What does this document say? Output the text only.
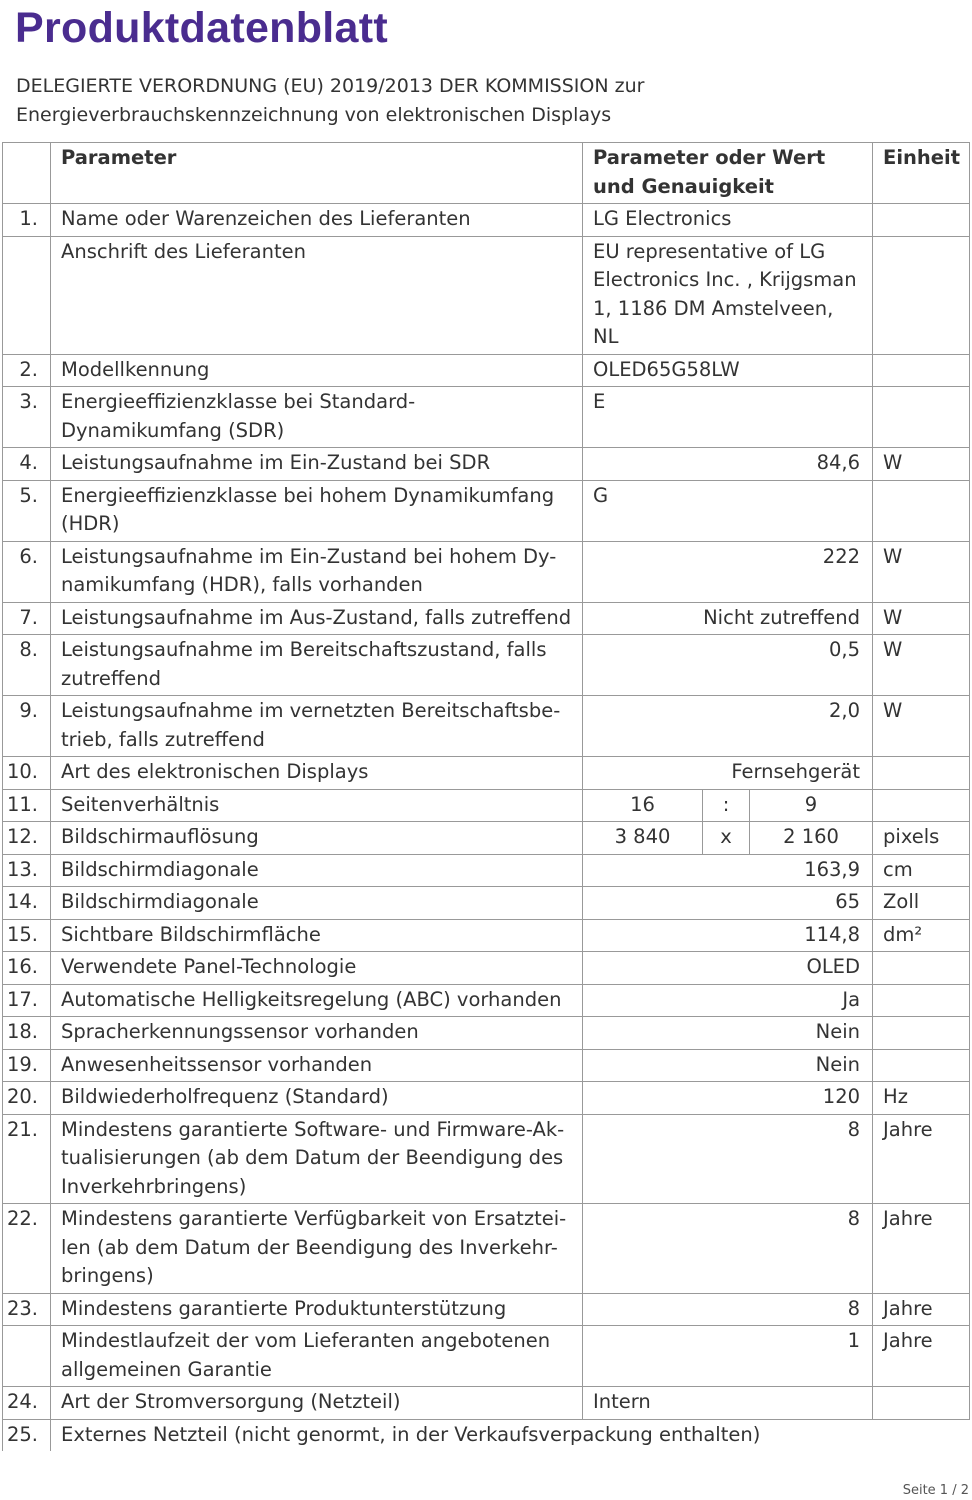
Produktdatenblatt
DELEGIERTE VERORDNUNG (EU) 2019/2013 DER KOMMISSION zur
Energieverbrauchskennzeichnung von elektronischen Displays
	Parameter	Parameter oder Wert und Genauigkeit			Einheit
1.	Name oder Warenzeichen des Lieferanten	LG Electronics			
	Anschrift des Lieferanten	EU representative of LG Electronics Inc. , Krijgsman 1, 1186 DM Amstelveen, NL			
2.	Modellkennung	OLED65G58LW			
3.	Energieeffizienzklasse bei Standard-Dynamikumfang (SDR)	E			
4.	Leistungsaufnahme im Ein-Zustand bei SDR	84,6			W
5.	Energieeffizienzklasse bei hohem Dynamikumfang (HDR)	G			
6.	Leistungsaufnahme im Ein-Zustand bei hohem Dy-namikumfang (HDR), falls vorhanden	222			W
7.	Leistungsaufnahme im Aus-Zustand, falls zutreffend	Nicht zutreffend			W
8.	Leistungsaufnahme im Bereitschaftszustand, falls zutreffend	0,5			W
9.	Leistungsaufnahme im vernetzten Bereitschaftsbe-trieb, falls zutreffend	2,0			W
10.	Art des elektronischen Displays	Fernsehgerät			
11.	Seitenverhältnis	16	:	9	
12.	Bildschirmauflösung	3 840	x	2 160	pixels
13.	Bildschirmdiagonale	163,9			cm
14.	Bildschirmdiagonale	65			Zoll
15.	Sichtbare Bildschirmfläche	114,8			dm²
16.	Verwendete Panel-Technologie	OLED			
17.	Automatische Helligkeitsregelung (ABC) vorhanden	Ja			
18.	Spracherkennungssensor vorhanden	Nein			
19.	Anwesenheitssensor vorhanden	Nein			
20.	Bildwiederholfrequenz (Standard)	120			Hz
21.	Mindestens garantierte Software- und Firmware-Ak-tualisierungen (ab dem Datum der Beendigung des Inverkehrbringens)	8			Jahre
22.	Mindestens garantierte Verfügbarkeit von Ersatztei-len (ab dem Datum der Beendigung des Inverkehr-bringens)	8			Jahre
23.	Mindestens garantierte Produktunterstützung	8			Jahre
	Mindestlaufzeit der vom Lieferanten angebotenen allgemeinen Garantie	1			Jahre
24.	Art der Stromversorgung (Netzteil)	Intern			
25.	Externes Netzteil (nicht genormt, in der Verkaufsverpackung enthalten)				
Seite 1 / 2
